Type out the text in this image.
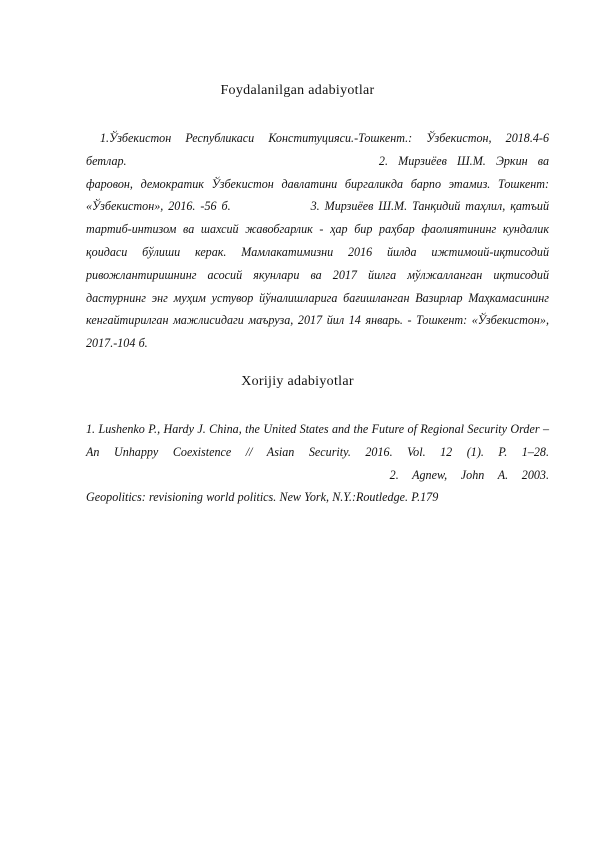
Foydalanilgan adabiyotlar

1.Ўзбекистон Республикаси Конституцияси.-Тошкент.: Ўзбекистон, 2018.4-6 бетлар.	2. Мирзиёев Ш.М. Эркин ва фаровон, демократик Ўзбекистон давлатини биргаликда барпо этамиз. Тошкент: «Ўзбекистон», 2016. -56 б.	3. Мирзиёев Ш.М. Танқидий таҳлил, қатъий тартиб-интизом ва шахсий жавобгарлик - ҳар бир раҳбар фаолиятининг кундалик қоидаси бўлиши керак. Мамлакатимизни 2016 йилда ижтимоий-иқтисодий ривожлантиришнинг асосий якунлари ва 2017 йилга мўлжалланган иқтисодий дастурнинг энг муҳим устувор йўналишларига бағишланган Вазирлар Маҳкамасининг кенгайтирилган мажлисидаги маъруза, 2017 йил 14 январь. - Тошкент: «Ўзбекистон», 2017.-104 б.

Xorijiy adabiyotlar

1. Lushenko P., Hardy J. China, the United States and the Future of Regional Security Order – An Unhappy Coexistence // Asian Security. 2016. Vol. 12 (1). P. 1–28.  2. Agnew, John A. 2003. Geopolitics: revisioning world politics. New York, N.Y.:Routledge. P.179
